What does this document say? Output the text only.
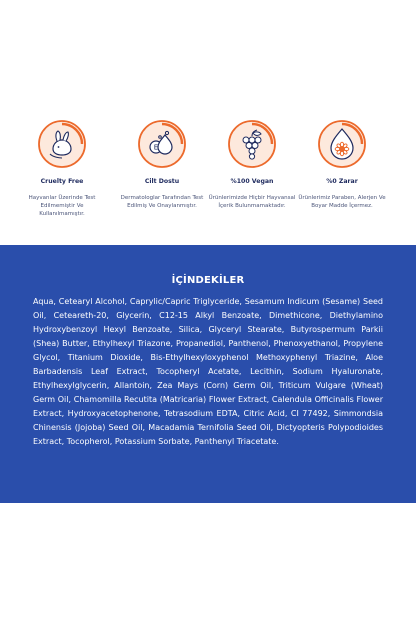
Cruelty Free
Hayvanlar Üzerinde Test Edilmemiştir Ve Kullanılmamıştır.
E
Cilt Dostu
Dermatologlar Tarafından Test Edilmiş Ve Onaylanmıştır.
%100 Vegan
Ürünlerimizde Hiçbir Hayvansal İçerik Bulunmamaktadır.
%0 Zarar
Ürünlerimiz Paraben, Alerjen Ve Boyar Madde İçermez.
İÇİNDEKİLER

Aqua, Cetearyl Alcohol, Caprylic/Capric Triglyceride, Sesamum Indicum (Sesame) Seed Oil, Ceteareth-20, Glycerin, C12-15 Alkyl Benzoate, Dimethicone, Diethylamino Hydroxybenzoyl Hexyl Benzoate, Silica, Glyceryl Stearate, Butyrospermum Parkii (Shea) Butter, Ethylhexyl Triazone, Propanediol, Panthenol, Phenoxyethanol, Propylene Glycol, Titanium Dioxide, Bis-Ethylhexyloxyphenol Methoxyphenyl Triazine, Aloe Barbadensis Leaf Extract, Tocopheryl Acetate, Lecithin, Sodium Hyaluronate, Ethylhexylglycerin, Allantoin, Zea Mays (Corn) Germ Oil, Triticum Vulgare (Wheat) Germ Oil, Chamomilla Recutita (Matricaria) Flower Extract, Calendula Officinalis Flower Extract, Hydroxyacetophenone, Tetrasodium EDTA, Citric Acid, CI 77492, Simmondsia Chinensis (Jojoba) Seed Oil, Macadamia Ternifolia Seed Oil, Dictyopteris Polypodioides Extract, Tocopherol, Potassium Sorbate, Panthenyl Triacetate.
